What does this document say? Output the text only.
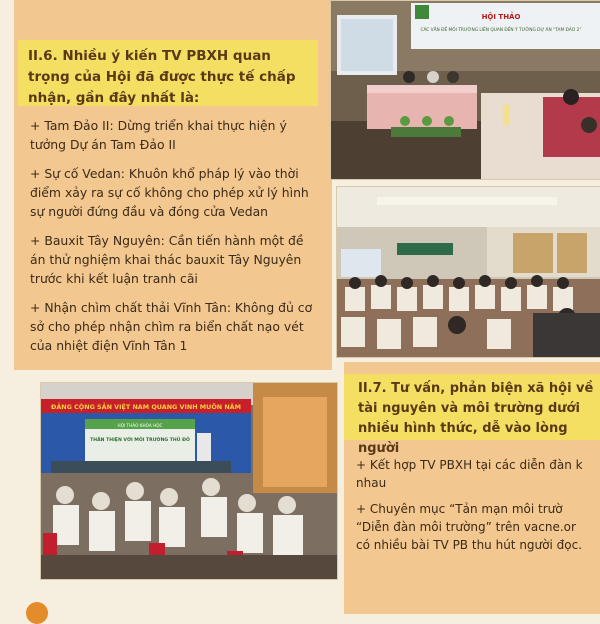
II.6. Nhiều ý kiến TV PBXH quan trọng của Hội đã được thực tế chấp nhận, gần đây nhất là:
+ Tam Đảo II: Dừng triển khai thực hiện ý tưởng Dự án Tam Đảo II
+ Sự cố Vedan: Khuôn khổ pháp lý vào thời điểm xảy ra sự cố không cho phép xử lý hình sự người đứng đầu và đóng cửa Vedan
+ Bauxit Tây Nguyên: Cần tiến hành một đề án thử nghiệm khai thác bauxit Tây Nguyên trước khi kết luận tranh cãi
+ Nhận chìm chất thải Vĩnh Tân: Không đủ cơ sở cho phép nhận chìm ra biển chất nạo vét của nhiệt điện Vĩnh Tân 1
HỘI THẢO
CÁC VẤN ĐỀ MÔI TRƯỜNG LIÊN QUAN ĐẾN Ý TƯỞNG DỰ ÁN “TAM ĐẢO 2”
ĐẢNG CỘNG SẢN VIỆT NAM QUANG VINH MUÔN NĂM
HỘI THẢO KHOA HỌC
THÂN THIỆN VỚI MÔI TRƯỜNG THỦ ĐÔ
II.7. Tư vấn, phản biện xã hội về tài nguyên và môi trường dưới nhiều hình thức, dễ vào lòng người
+ Kết hợp TV PBXH tại các diễn đàn k
nhau
+ Chuyên mục “Tản mạn môi trườ
“Diễn đàn môi trường” trên vacne.or
có nhiều bài TV PB thu hút người đọc.
